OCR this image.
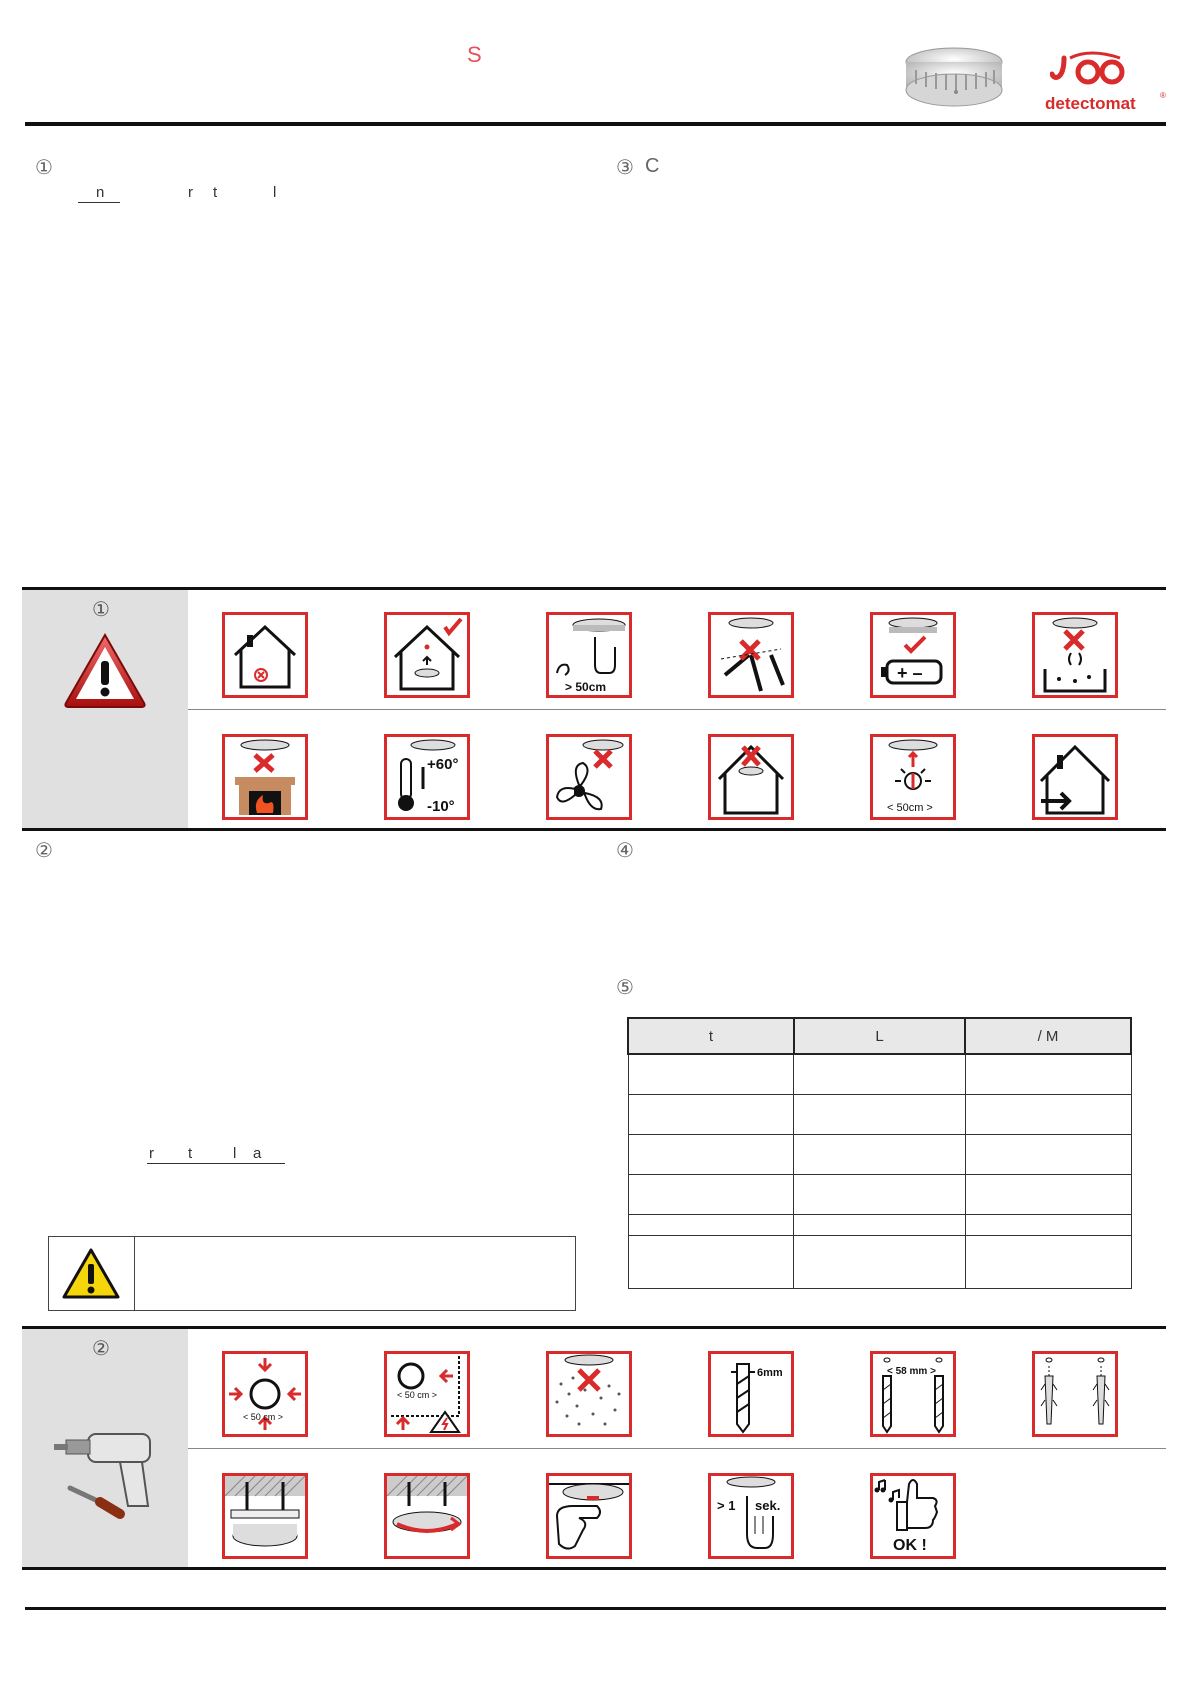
S
detectomat	®
①
n	r t	l
③ C
①
> 50cm
+ –
+60°
-10°	< 50cm >
②
r t	l a
④
⑤
t	L	/ M

②
< 50 cm >
< 50 cm >
6mm	< 58 mm >
> 1 sek.
OK !
